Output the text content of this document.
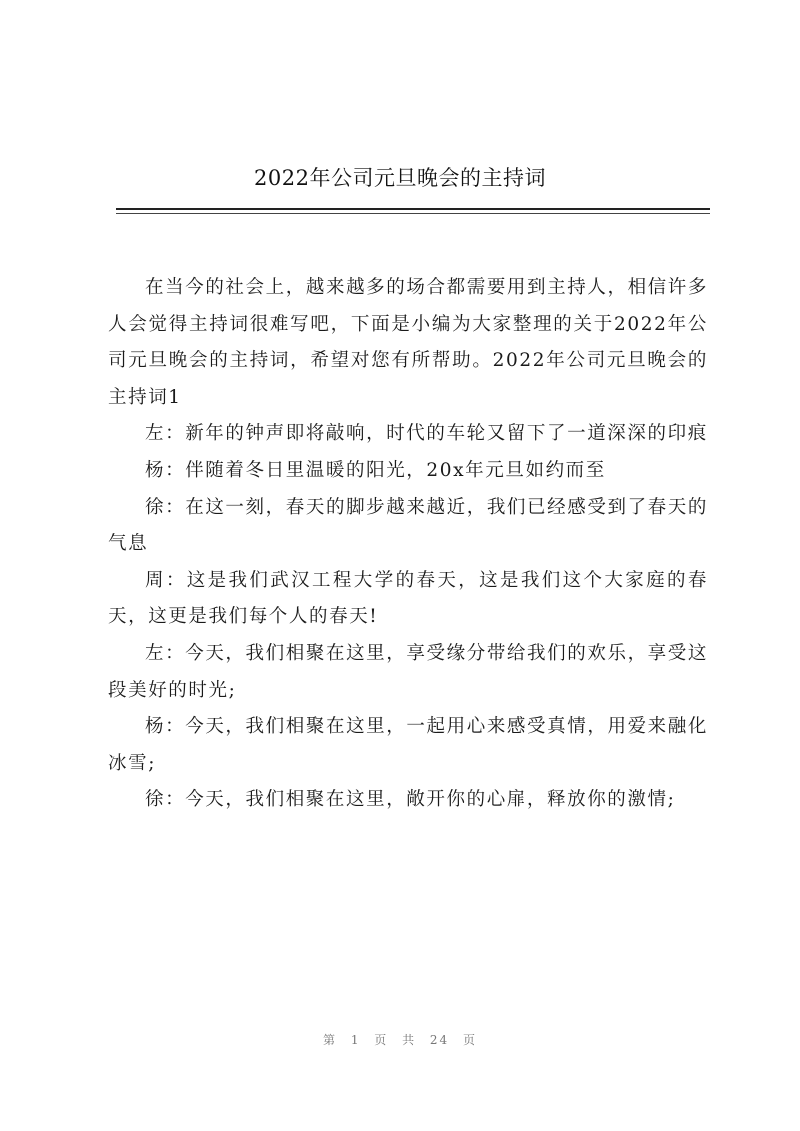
2022年公司元旦晚会的主持词

在当今的社会上，越来越多的场合都需要用到主持人，相信许多人会觉得主持词很难写吧，下面是小编为大家整理的关于2022年公司元旦晚会的主持词，希望对您有所帮助。2022年公司元旦晚会的主持词1

左：新年的钟声即将敲响，时代的车轮又留下了一道深深的印痕

杨：伴随着冬日里温暖的阳光，20x年元旦如约而至

徐：在这一刻，春天的脚步越来越近，我们已经感受到了春天的气息

周：这是我们武汉工程大学的春天，这是我们这个大家庭的春天，这更是我们每个人的春天!

左：今天，我们相聚在这里，享受缘分带给我们的欢乐，享受这段美好的时光;

杨：今天，我们相聚在这里，一起用心来感受真情，用爱来融化冰雪;

徐：今天，我们相聚在这里，敞开你的心扉，释放你的激情;

第 1 页 共 24 页
